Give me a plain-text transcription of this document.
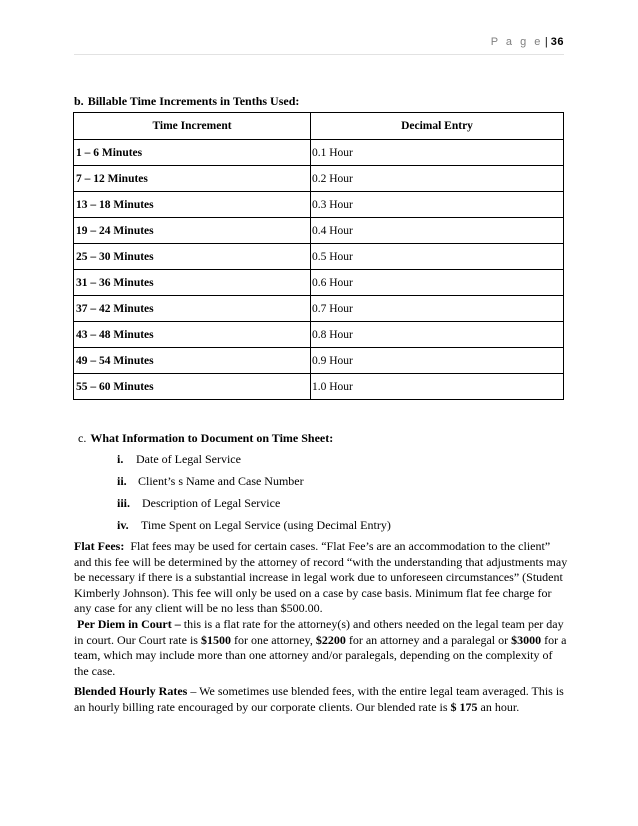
P a g e | 36
b. Billable Time Increments in Tenths Used:
Time Increment	Decimal Entry
1 – 6 Minutes	0.1 Hour
7 – 12 Minutes	0.2 Hour
13 – 18 Minutes	0.3 Hour
19 – 24 Minutes	0.4 Hour
25 – 30 Minutes	0.5 Hour
31 – 36 Minutes	0.6 Hour
37 – 42 Minutes	0.7 Hour
43 – 48 Minutes	0.8 Hour
49 – 54 Minutes	0.9 Hour
55 – 60 Minutes	1.0 Hour
c. What Information to Document on Time Sheet:
i. Date of Legal Service
ii. Client’s s Name and Case Number
iii. Description of Legal Service
iv. Time Spent on Legal Service (using Decimal Entry)
Flat Fees: Flat fees may be used for certain cases. “Flat Fee’s are an accommodation to the client” and this fee will be determined by the attorney of record “with the understanding that adjustments may be necessary if there is a substantial increase in legal work due to unforeseen circumstances” (Student Kimberly Johnson). This fee will only be used on a case by case basis. Minimum flat fee charge for any case for any client will be no less than $500.00.
Per Diem in Court – this is a flat rate for the attorney(s) and others needed on the legal team per day in court. Our Court rate is $1500 for one attorney, $2200 for an attorney and a paralegal or $3000 for a team, which may include more than one attorney and/or paralegals, depending on the complexity of the case.
Blended Hourly Rates – We sometimes use blended fees, with the entire legal team averaged. This is an hourly billing rate encouraged by our corporate clients. Our blended rate is $ 175 an hour.
